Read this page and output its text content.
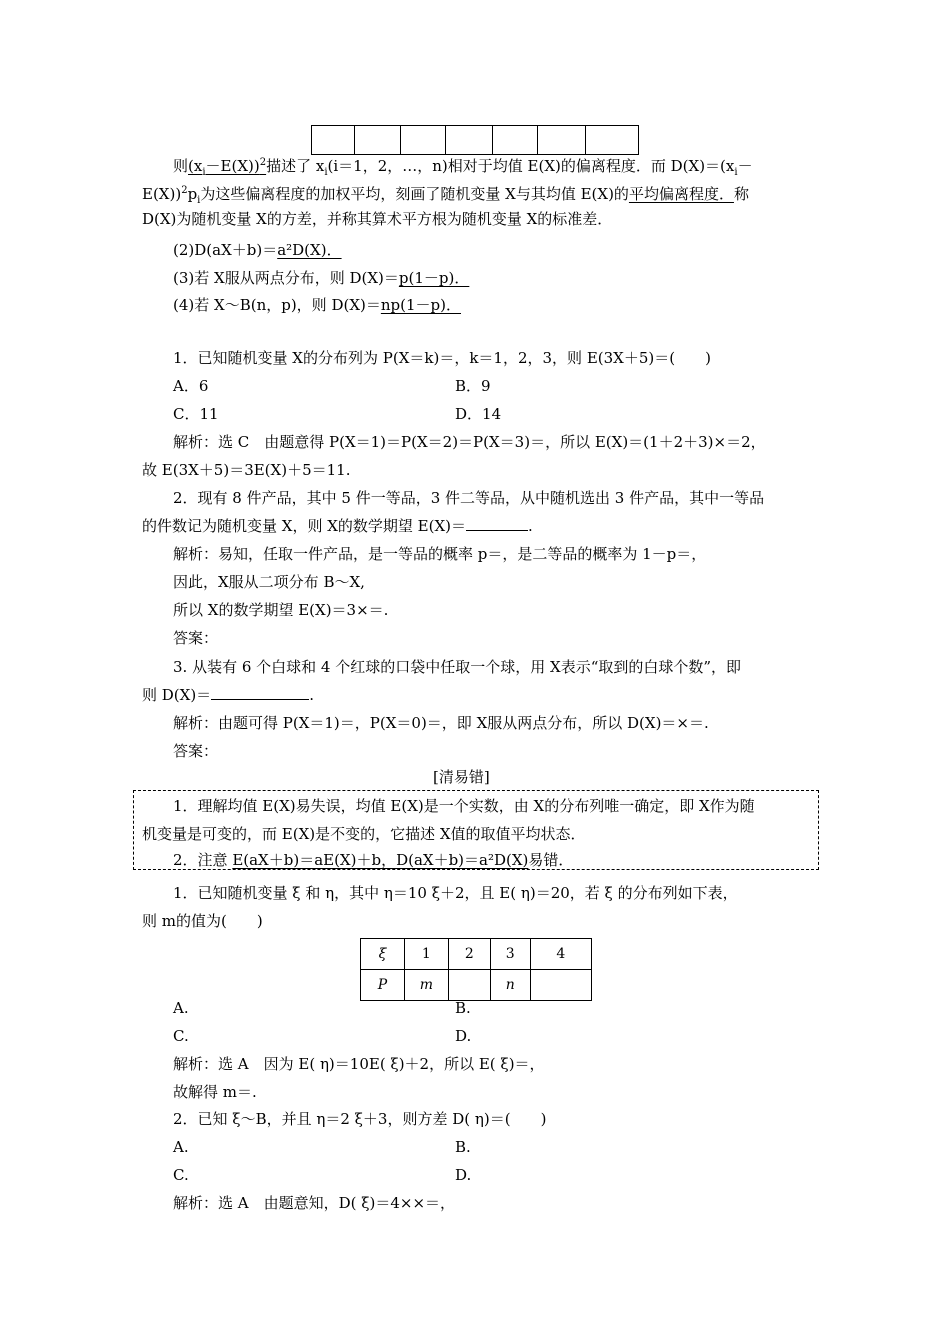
则$(x_i-E(X))^2$描述了 $x_i(i=1$，2，…，n)相对于均值 E(X)的偏离程度．而 $D(X)=(x_i-$
$E(X))^2p_i$为这些偏离程度的加权平均，刻画了随机变量 X与其均值 E(X)的平均偏离程度．称
D(X)为随机变量 X的方差，并称其算术平方根为随机变量 X的标准差．
(2)D(aX＋b)＝a²D(X)．
(3)若 X服从两点分布，则 D(X)＝p(1－p)．
(4)若 X～B(n，p)，则 D(X)＝np(1－p)．
1．已知随机变量 X的分布列为 P(X＝k)＝，k＝1，2，3，则 E(3X＋5)＝(　　)
A．6	B．9
C．11	D．14
解析：选 C　由题意得 P(X＝1)＝P(X＝2)＝P(X＝3)＝，所以 E(X)＝(1＋2＋3)×＝2，
故 E(3X＋5)＝3E(X)＋5＝11.
2．现有 8 件产品，其中 5 件一等品，3 件二等品，从中随机选出 3 件产品，其中一等品
的件数记为随机变量 X，则 X的数学期望 E(X)＝	.
解析：易知，任取一件产品，是一等品的概率 p＝，是二等品的概率为 1－p＝，
因此，X服从二项分布 B～X,
所以 X的数学期望 E(X)＝3×＝.
答案：
3. 从装有 6 个白球和 4 个红球的口袋中任取一个球，用 X表示“取到的白球个数”，即
则 D(X)＝	.
解析：由题可得 P(X＝1)＝，P(X＝0)＝，即 X服从两点分布，所以 D(X)＝×＝.
答案：
[清易错]
1．理解均值 E(X)易失误，均值 E(X)是一个实数，由 X的分布列唯一确定，即 X作为随
机变量是可变的，而 E(X)是不变的，它描述 X值的取值平均状态．
2．注意 E(aX＋b)＝aE(X)＋b，D(aX＋b)＝a²D(X)易错．
1．已知随机变量 ξ 和 η，其中 η＝10 ξ＋2，且 E( η)＝20，若 ξ 的分布列如下表，
则 m的值为(　　)
ξ	1	2	3	4
P	m		n	
A.	B.
C.	D.
解析：选 A　因为 E( η)＝10E( ξ)＋2，所以 E( ξ)＝，
故解得 m＝.
2．已知 ξ～B，并且 η＝2 ξ＋3，则方差 D( η)＝(　　)
A.	B.
C.	D.
解析：选 A　由题意知，D( ξ)＝4××＝，
